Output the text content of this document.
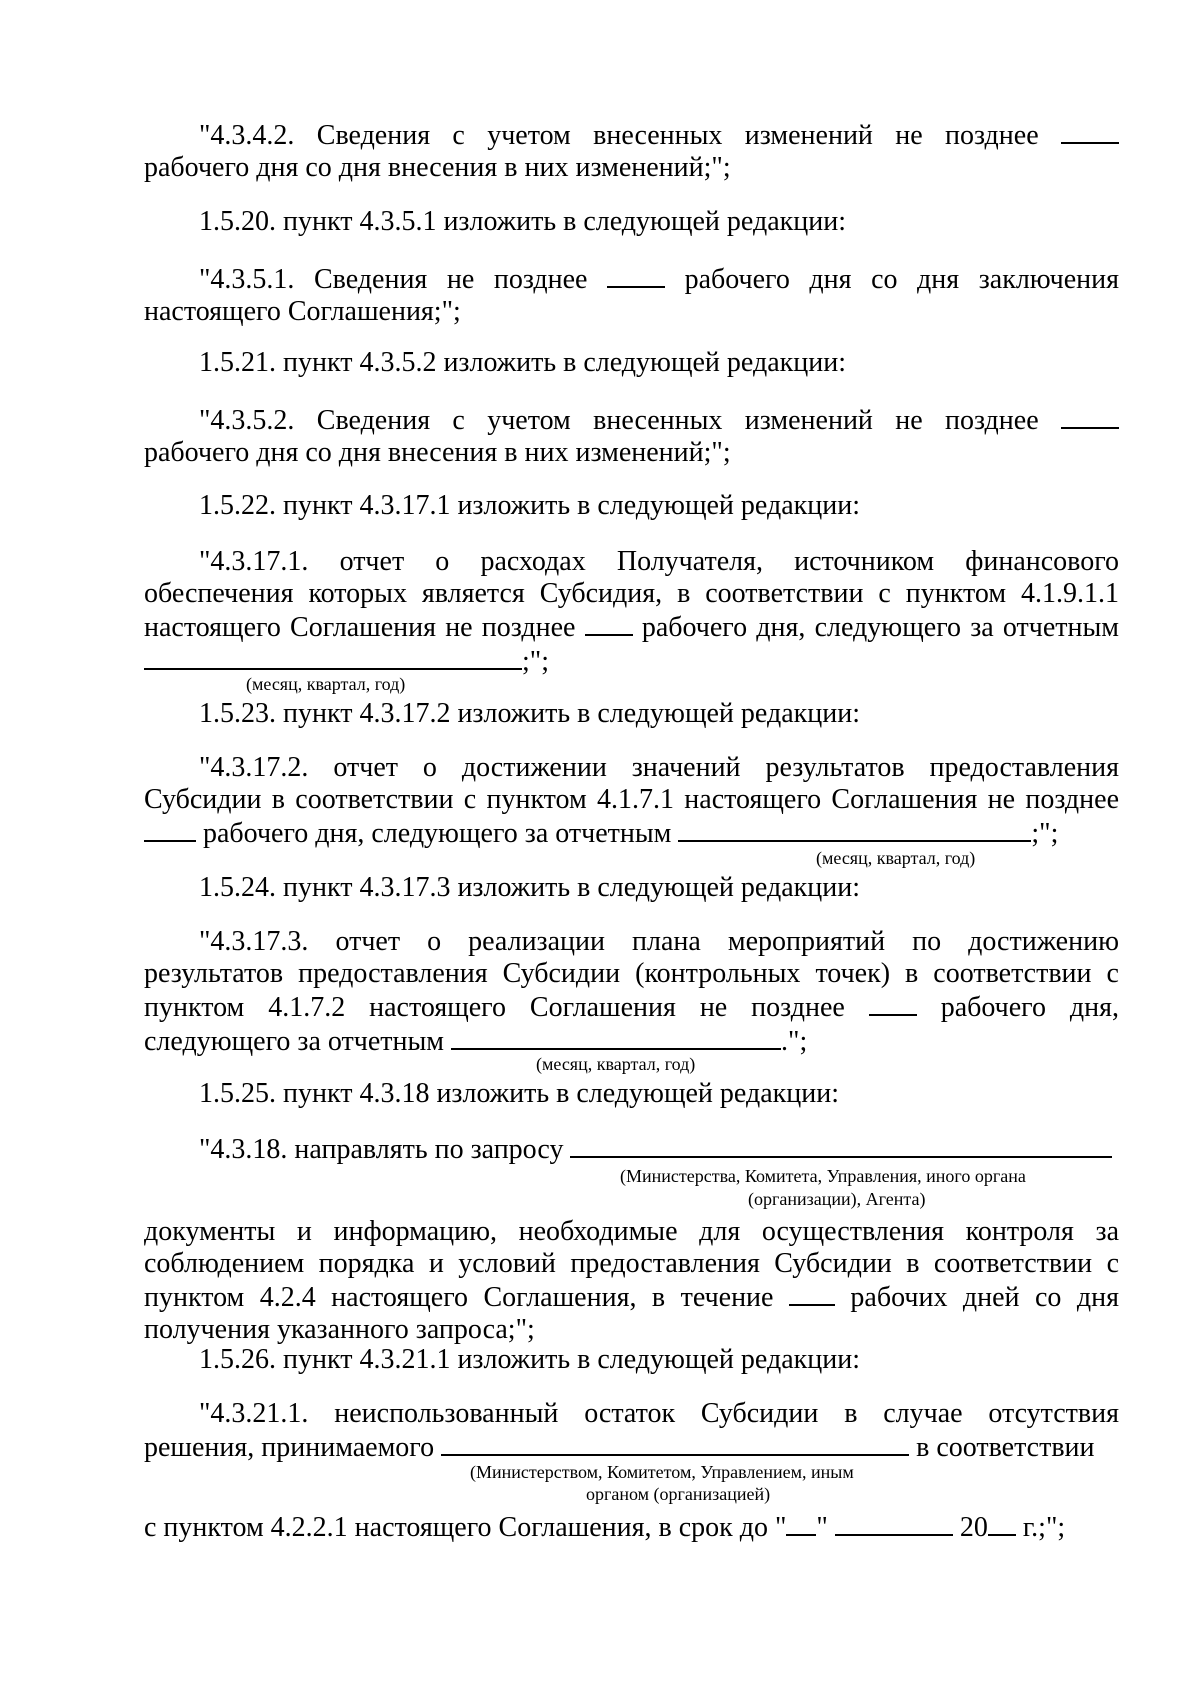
"4.3.4.2. Сведения с учетом внесенных изменений не позднее
рабочего дня со дня внесения в них изменений;";
1.5.20. пункт 4.3.5.1 изложить в следующей редакции:
"4.3.5.1. Сведения не позднее	рабочего дня со дня заключения
настоящего Соглашения;";
1.5.21. пункт 4.3.5.2 изложить в следующей редакции:
"4.3.5.2. Сведения с учетом внесенных изменений не позднее
рабочего дня со дня внесения в них изменений;";
1.5.22. пункт 4.3.17.1 изложить в следующей редакции:
"4.3.17.1. отчет о расходах Получателя, источником финансового
обеспечения которых является Субсидия, в соответствии с пунктом 4.1.9.1.1
настоящего Соглашения не позднее рабочего дня, следующего за отчетным
;";
(месяц, квартал, год)
1.5.23. пункт 4.3.17.2 изложить в следующей редакции:
"4.3.17.2. отчет о достижении значений результатов предоставления
Субсидии в соответствии с пунктом 4.1.7.1 настоящего Соглашения не позднее
рабочего дня, следующего за отчетным	;";
(месяц, квартал, год)
1.5.24. пункт 4.3.17.3 изложить в следующей редакции:
"4.3.17.3. отчет о реализации плана мероприятий по достижению
результатов предоставления Субсидии (контрольных точек) в соответствии с
пунктом 4.1.7.2 настоящего Соглашения не позднее	рабочего дня,
следующего за отчетным	.";
(месяц, квартал, год)
1.5.25. пункт 4.3.18 изложить в следующей редакции:
"4.3.18. направлять по запросу
(Министерства, Комитета, Управления, иного органа
(организации), Агента)
документы и информацию, необходимые для осуществления контроля за
соблюдением порядка и условий предоставления Субсидии в соответствии с
пунктом 4.2.4 настоящего Соглашения, в течение	рабочих дней со дня
получения указанного запроса;";
1.5.26. пункт 4.3.21.1 изложить в следующей редакции:
"4.3.21.1. неиспользованный остаток Субсидии в случае отсутствия
решения, принимаемого	в соответствии
(Министерством, Комитетом, Управлением, иным
органом (организацией)
с пунктом 4.2.2.1 настоящего Соглашения, в срок до " "	20 г.;";
